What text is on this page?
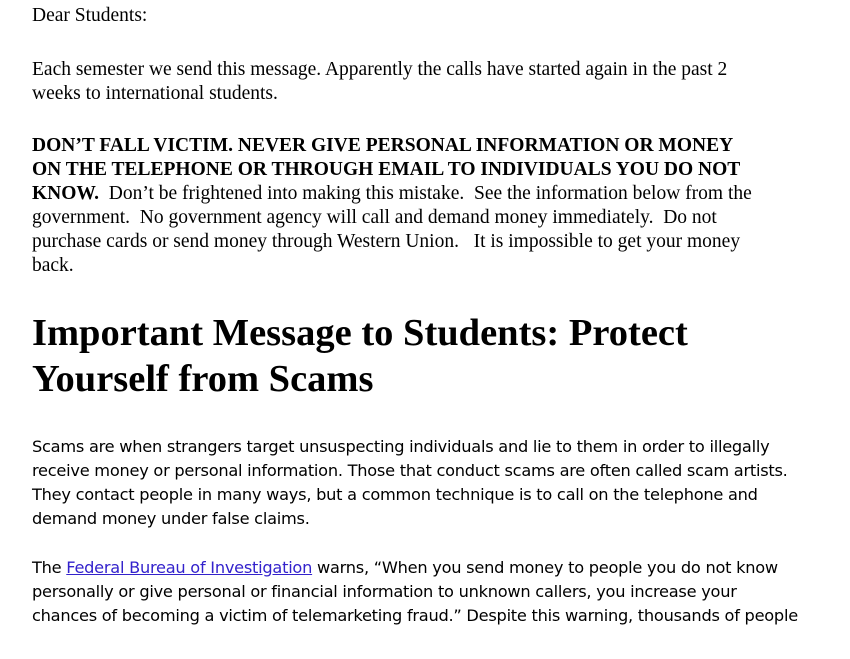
Dear Students:

Each semester we send this message. Apparently the calls have started again in the past 2
weeks to international students.

DON’T FALL VICTIM. NEVER GIVE PERSONAL INFORMATION OR MONEY
ON THE TELEPHONE OR THROUGH EMAIL TO INDIVIDUALS YOU DO NOT
KNOW.  Don’t be frightened into making this mistake.  See the information below from the
government.  No government agency will call and demand money immediately.  Do not
purchase cards or send money through Western Union.   It is impossible to get your money
back.

Important Message to Students: Protect
Yourself from Scams

Scams are when strangers target unsuspecting individuals and lie to them in order to illegally
receive money or personal information. Those that conduct scams are often called scam artists.
They contact people in many ways, but a common technique is to call on the telephone and
demand money under false claims.

The Federal Bureau of Investigation warns, “When you send money to people you do not know
personally or give personal or financial information to unknown callers, you increase your
chances of becoming a victim of telemarketing fraud.” Despite this warning, thousands of people
